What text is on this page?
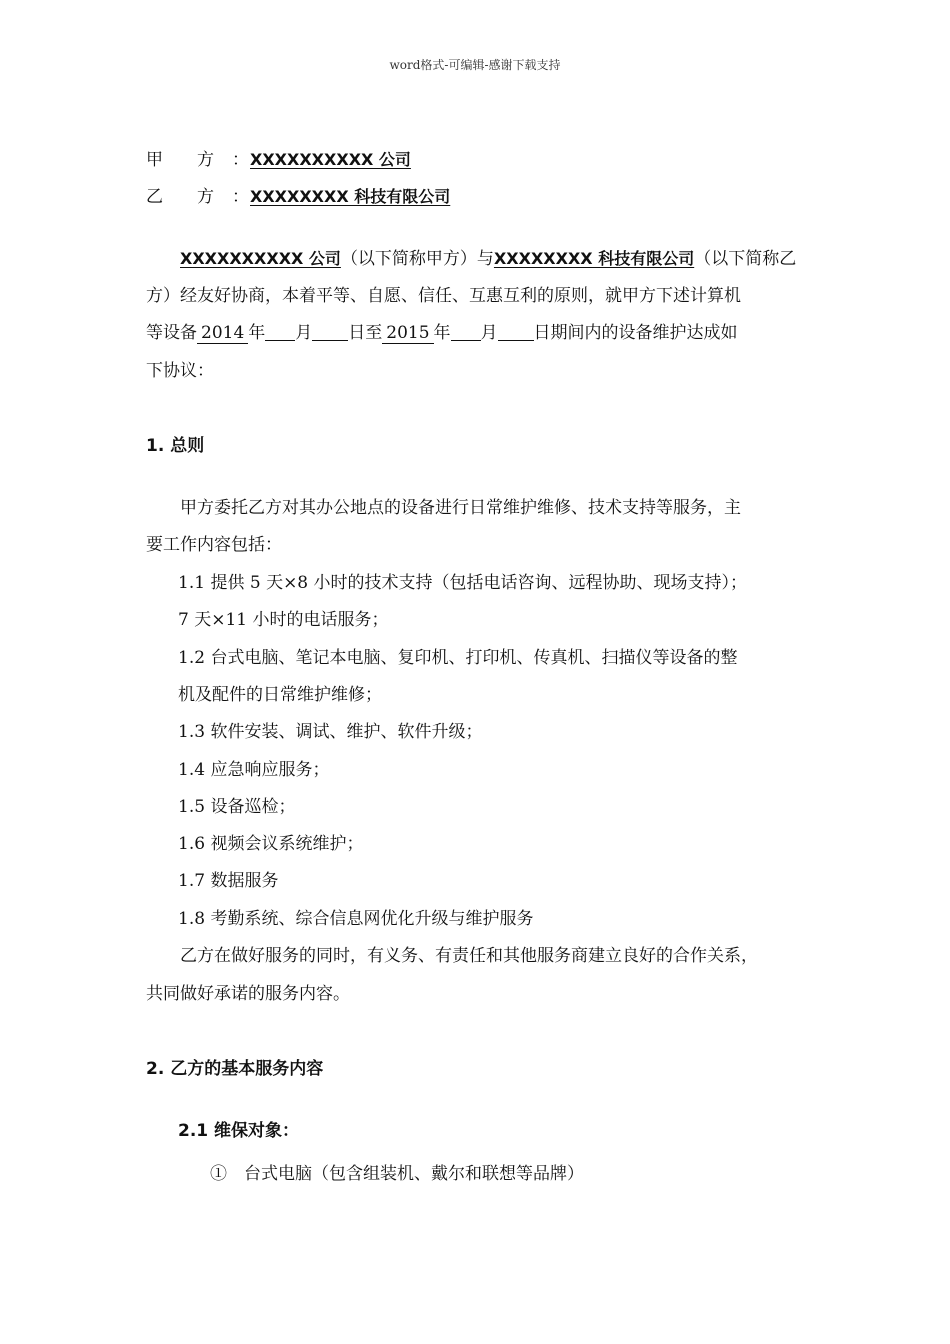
word格式-可编辑-感谢下载支持
甲　　方 ：XXXXXXXXXX 公司
乙　　方 ：XXXXXXXX 科技有限公司
XXXXXXXXXX 公司（以下简称甲方）与XXXXXXXX 科技有限公司（以下简称乙
方）经友好协商，本着平等、自愿、信任、互惠互利的原则，就甲方下述计算机
等设备 2014 年 月 日至 2015 年 月 日期间内的设备维护达成如
下协议：
1. 总则
甲方委托乙方对其办公地点的设备进行日常维护维修、技术支持等服务，主
要工作内容包括：
1.1 提供 5 天×8 小时的技术支持（包括电话咨询、远程协助、现场支持）；
7 天×11 小时的电话服务；
1.2 台式电脑、笔记本电脑、复印机、打印机、传真机、扫描仪等设备的整
机及配件的日常维护维修；
1.3 软件安装、调试、维护、软件升级；
1.4 应急响应服务；
1.5 设备巡检；
1.6 视频会议系统维护；
1.7 数据服务
1.8 考勤系统、综合信息网优化升级与维护服务
乙方在做好服务的同时，有义务、有责任和其他服务商建立良好的合作关系，
共同做好承诺的服务内容。
2. 乙方的基本服务内容
2.1 维保对象：
①　台式电脑（包含组装机、戴尔和联想等品牌）
